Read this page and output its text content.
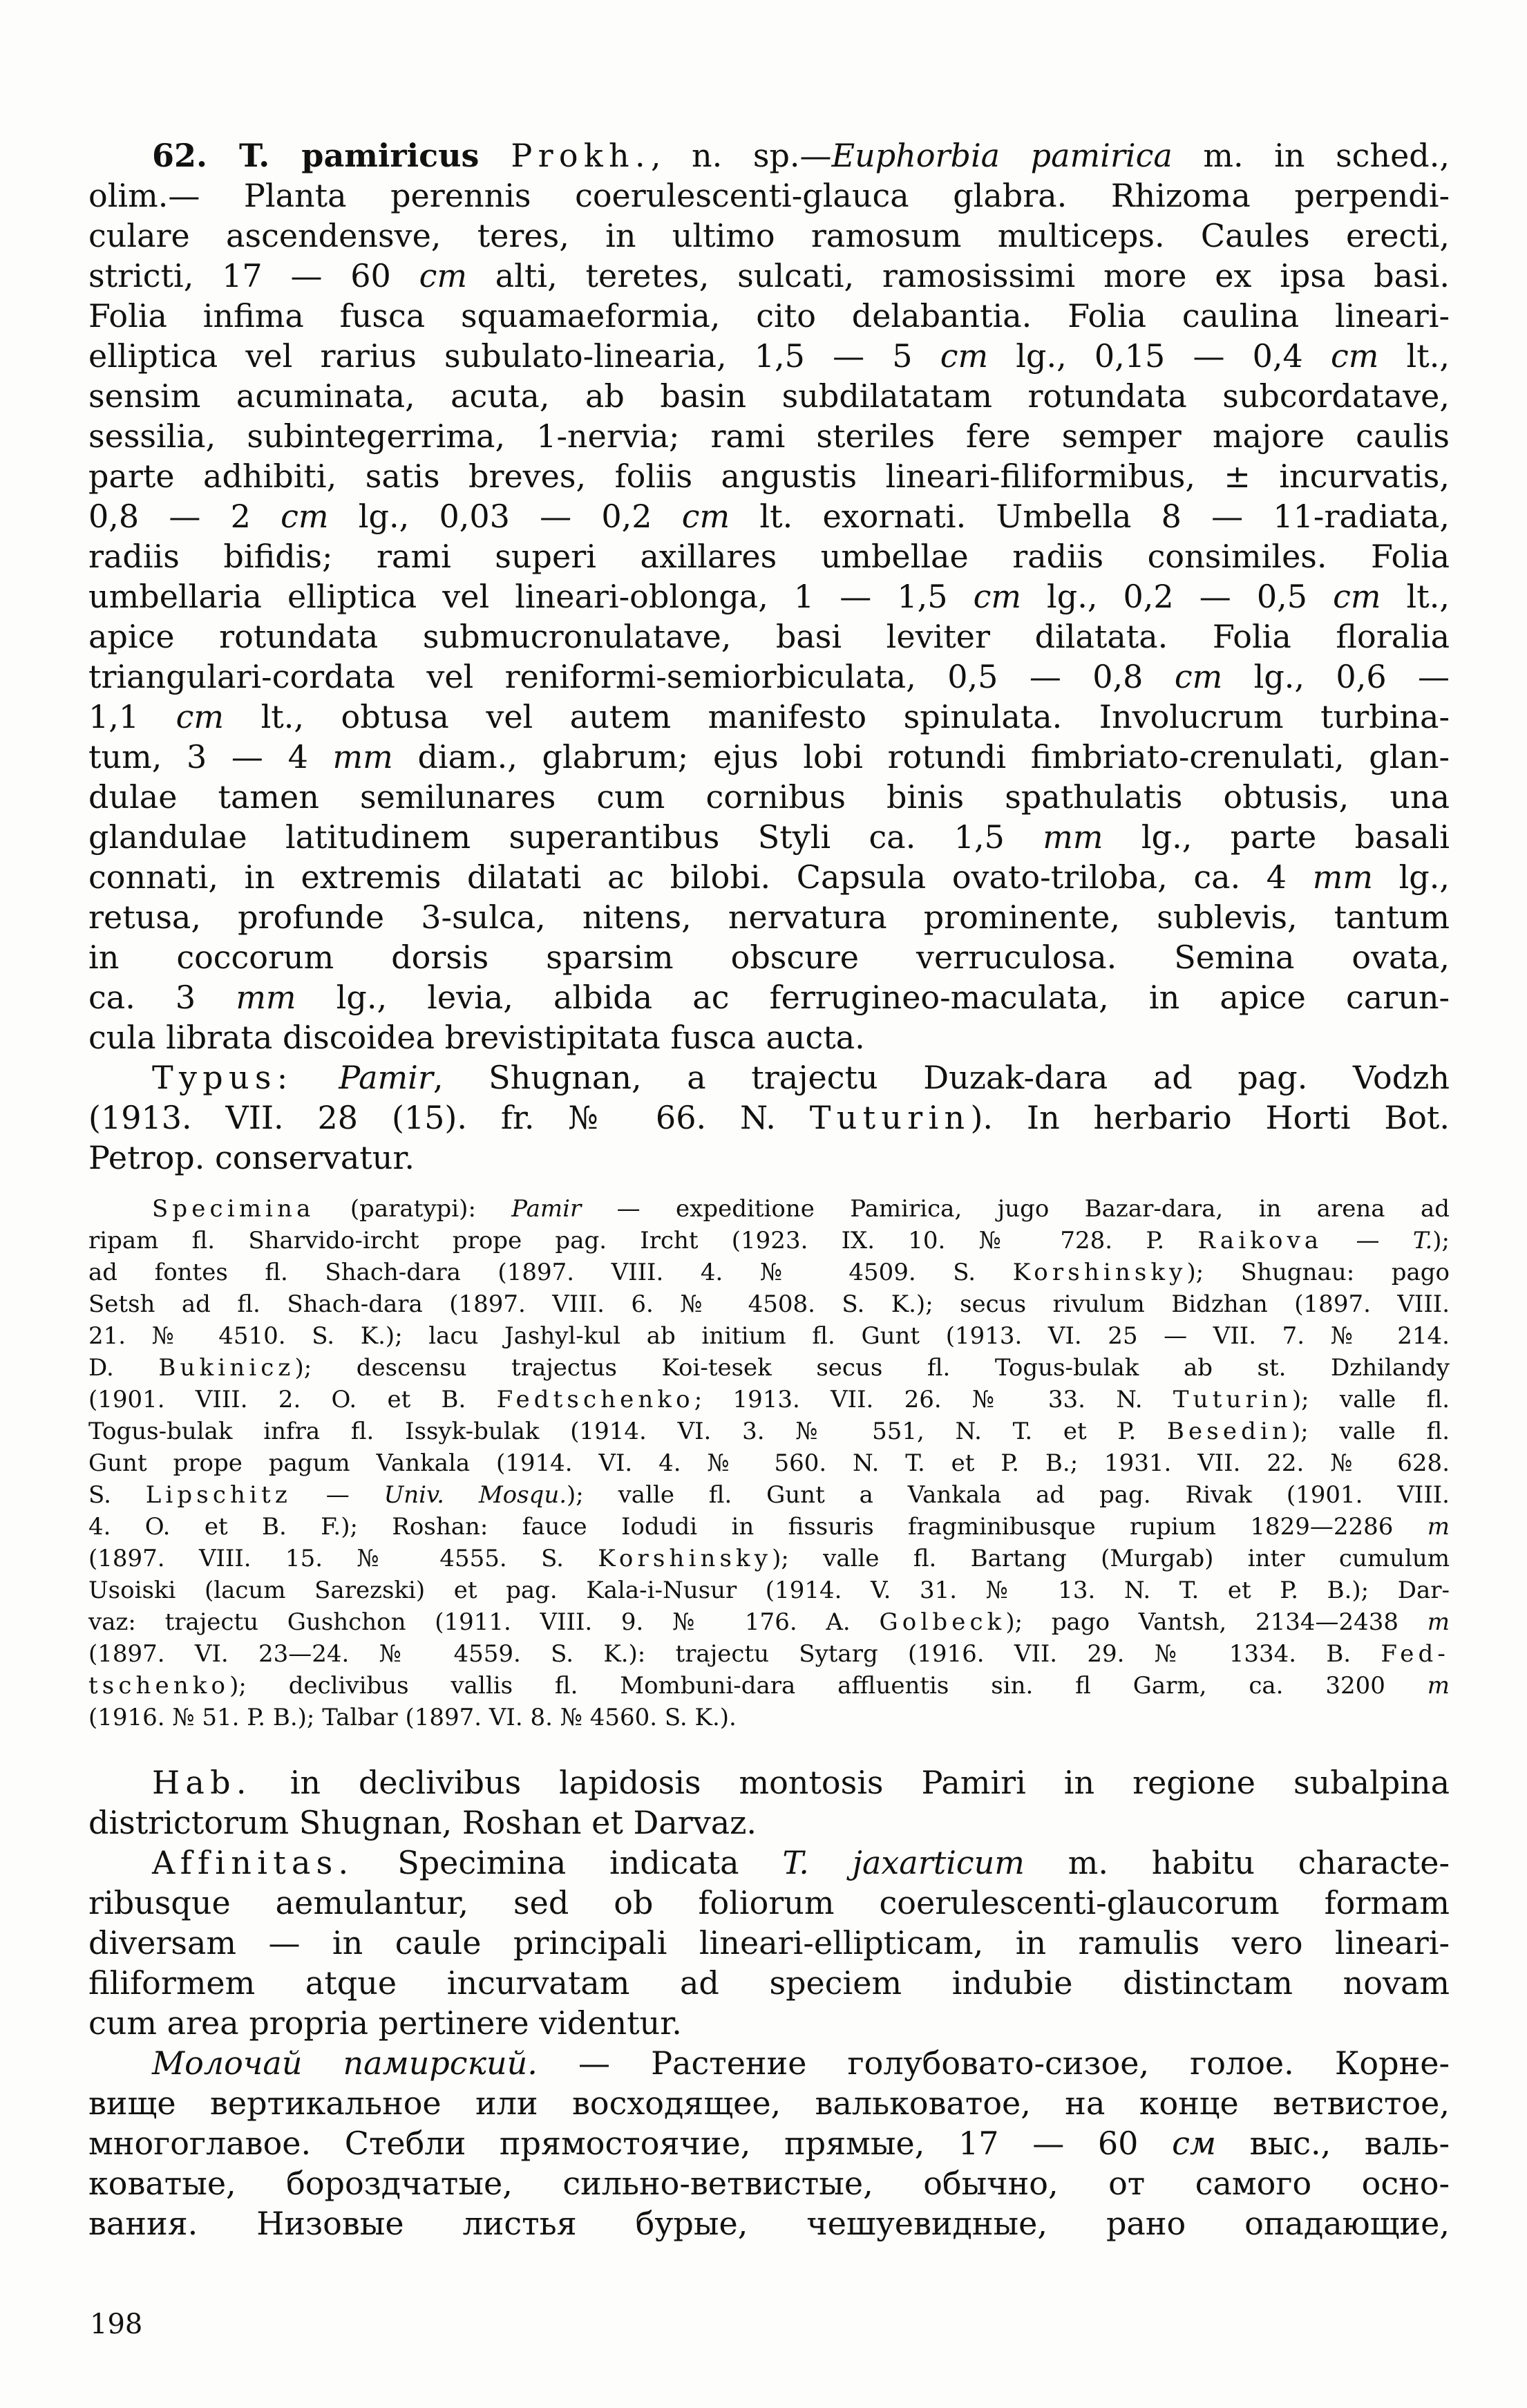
62. T. pamiricus Prokh., n. sp.—Euphorbia pamirica m. in sched.,
olim.— Planta perennis coerulescenti-glauca glabra. Rhizoma perpendi-
culare ascendensve, teres, in ultimo ramosum multiceps. Caules erecti,
stricti, 17 — 60 cm alti, teretes, sulcati, ramosissimi more ex ipsa basi.
Folia infima fusca squamaeformia, cito delabantia. Folia caulina lineari-
elliptica vel rarius subulato-linearia, 1,5 — 5 cm lg., 0,15 — 0,4 cm lt.,
sensim acuminata, acuta, ab basin subdilatatam rotundata subcordatave,
sessilia, subintegerrima, 1-nervia; rami steriles fere semper majore caulis
parte adhibiti, satis breves, foliis angustis lineari-filiformibus, ± incurvatis,
0,8 — 2 cm lg., 0,03 — 0,2 cm lt. exornati. Umbella 8 — 11-radiata,
radiis bifidis; rami superi axillares umbellae radiis consimiles. Folia
umbellaria elliptica vel lineari-oblonga, 1 — 1,5 cm lg., 0,2 — 0,5 cm lt.,
apice rotundata submucronulatave, basi leviter dilatata. Folia floralia
triangulari-cordata vel reniformi-semiorbiculata, 0,5 — 0,8 cm lg., 0,6 —
1,1 cm lt., obtusa vel autem manifesto spinulata. Involucrum turbina-
tum, 3 — 4 mm diam., glabrum; ejus lobi rotundi fimbriato-crenulati, glan-
dulae tamen semilunares cum cornibus binis spathulatis obtusis, una
glandulae latitudinem superantibus Styli ca. 1,5 mm lg., parte basali
connati, in extremis dilatati ac bilobi. Capsula ovato-triloba, ca. 4 mm lg.,
retusa, profunde 3-sulca, nitens, nervatura prominente, sublevis, tantum
in coccorum dorsis sparsim obscure verruculosa. Semina ovata,
ca. 3 mm lg., levia, albida ac ferrugineo-maculata, in apice carun-
cula librata discoidea brevistipitata fusca aucta.
Typus: Pamir, Shugnan, a trajectu Duzak-dara ad pag. Vodzh
(1913. VII. 28 (15). fr. № 66. N. Tuturin). In herbario Horti Bot.
Petrop. conservatur.
Specimina (paratypi): Pamir — expeditione Pamirica, jugo Bazar-dara, in arena ad
ripam fl. Sharvido-ircht prope pag. Ircht (1923. IX. 10. № 728. P. Raikova — T.);
ad fontes fl. Shach-dara (1897. VIII. 4. № 4509. S. Korshinsky); Shugnau: pago
Setsh ad fl. Shach-dara (1897. VIII. 6. № 4508. S. K.); secus rivulum Bidzhan (1897. VIII.
21. № 4510. S. K.); lacu Jashyl-kul ab initium fl. Gunt (1913. VI. 25 — VII. 7. № 214.
D. Bukinicz); descensu trajectus Koi-tesek secus fl. Togus-bulak ab st. Dzhilandy
(1901. VIII. 2. O. et B. Fedtschenko; 1913. VII. 26. № 33. N. Tuturin); valle fl.
Togus-bulak infra fl. Issyk-bulak (1914. VI. 3. № 551, N. T. et P. Besedin); valle fl.
Gunt prope pagum Vankala (1914. VI. 4. № 560. N. T. et P. B.; 1931. VII. 22. № 628.
S. Lipschitz — Univ. Mosqu.); valle fl. Gunt a Vankala ad pag. Rivak (1901. VIII.
4. O. et B. F.); Roshan: fauce Iodudi in fissuris fragminibusque rupium 1829—2286 m
(1897. VIII. 15. № 4555. S. Korshinsky); valle fl. Bartang (Murgab) inter cumulum
Usoiski (lacum Sarezski) et pag. Kala-i-Nusur (1914. V. 31. № 13. N. T. et P. B.); Dar-
vaz: trajectu Gushchon (1911. VIII. 9. № 176. A. Golbeck); pago Vantsh, 2134—2438 m
(1897. VI. 23—24. № 4559. S. K.): trajectu Sytarg (1916. VII. 29. № 1334. B. Fed-
tschenko); declivibus vallis fl. Mombuni-dara affluentis sin. fl Garm, ca. 3200 m
(1916. № 51. P. B.); Talbar (1897. VI. 8. № 4560. S. K.).
Hab. in declivibus lapidosis montosis Pamiri in regione subalpina
districtorum Shugnan, Roshan et Darvaz.
Affinitas. Specimina indicata T. jaxarticum m. habitu characte-
ribusque aemulantur, sed ob foliorum coerulescenti-glaucorum formam
diversam — in caule principali lineari-ellipticam, in ramulis vero lineari-
filiformem atque incurvatam ad speciem indubie distinctam novam
cum area propria pertinere videntur.
Молочай памирский. — Растение голубовато-сизое, голое. Корне-
вище вертикальное или восходящее, вальковатое, на конце ветвистое,
многоглавое. Стебли прямостоячие, прямые, 17 — 60 см выс., валь-
коватые, бороздчатые, сильно-ветвистые, обычно, от самого осно-
вания. Низовые листья бурые, чешуевидные, рано опадающие,
198
